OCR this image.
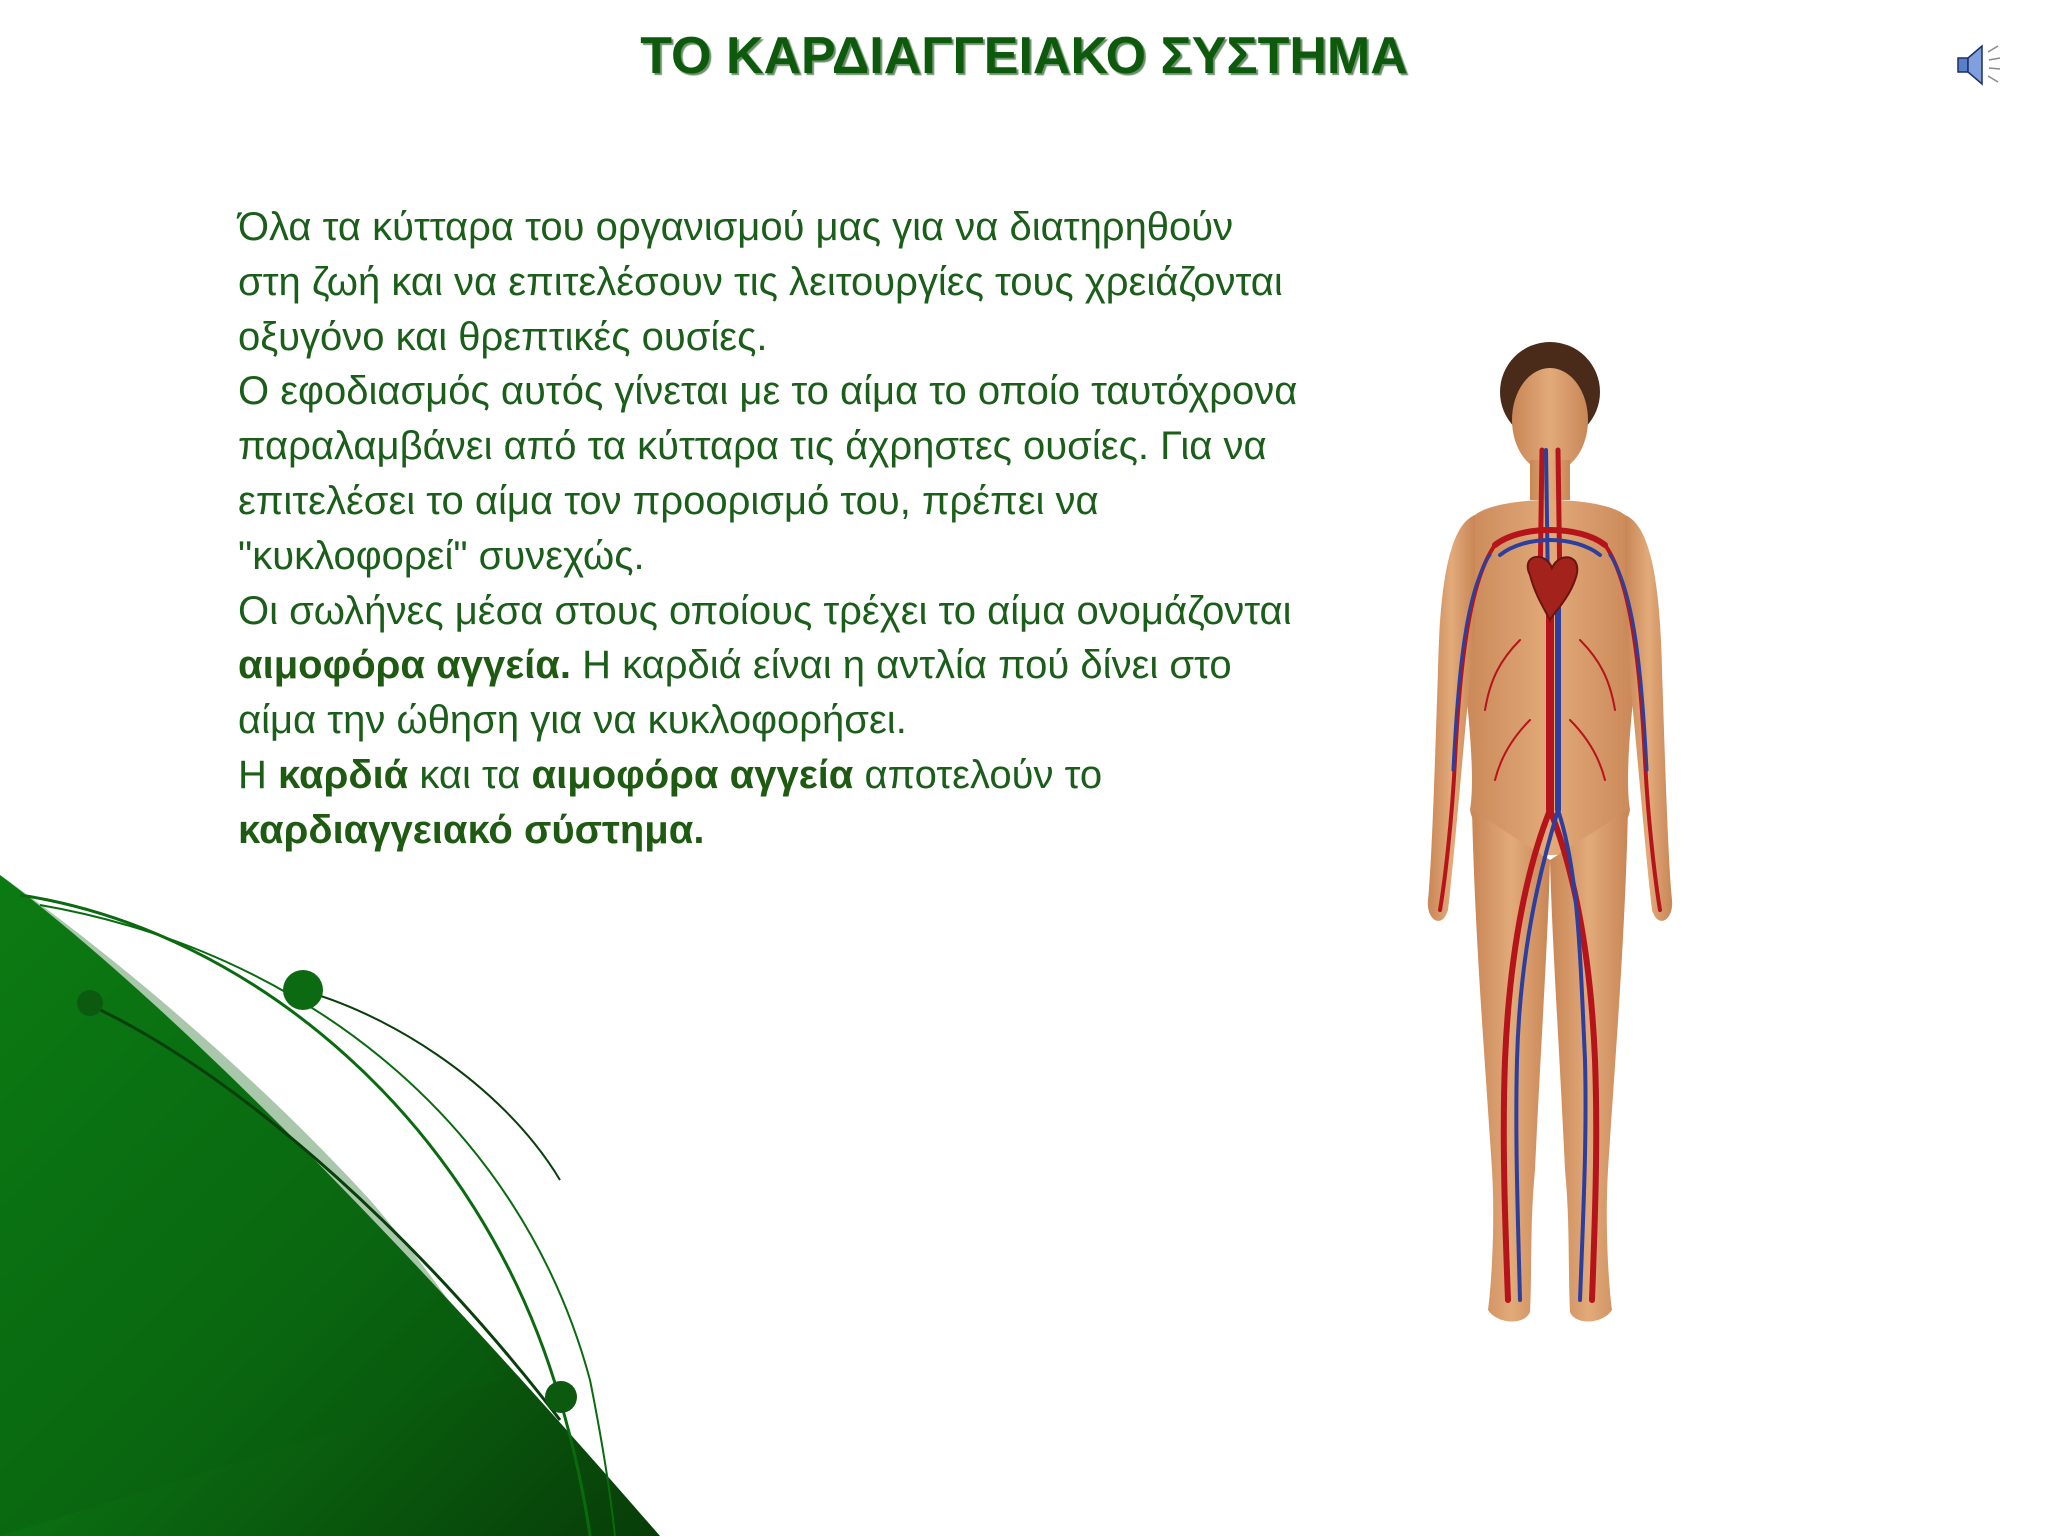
ΤΟ ΚΑΡΔΙΑΓΓΕΙΑΚΟ ΣΥΣΤΗΜΑ

Όλα τα κύτταρα του οργανισμού μας για να διατηρηθούν στη ζωή και να επιτελέσουν τις λειτουργίες τους χρειάζονται οξυγόνο και θρεπτικές ουσίες.

Ο εφοδιασμός αυτός γίνεται με το αίμα το οποίο ταυτόχρονα παραλαμβάνει από τα κύτταρα τις άχρηστες ουσίες. Για να επιτελέσει το αίμα τον προορισμό του, πρέπει να "κυκλοφορεί" συνεχώς.

Οι σωλήνες μέσα στους οποίους τρέχει το αίμα ονομάζονται αιμοφόρα αγγεία. Η καρδιά είναι η αντλία πού δίνει στο αίμα την ώθηση για να κυκλοφορήσει.

Η καρδιά και τα αιμοφόρα αγγεία αποτελούν το καρδιαγγειακό σύστημα.
